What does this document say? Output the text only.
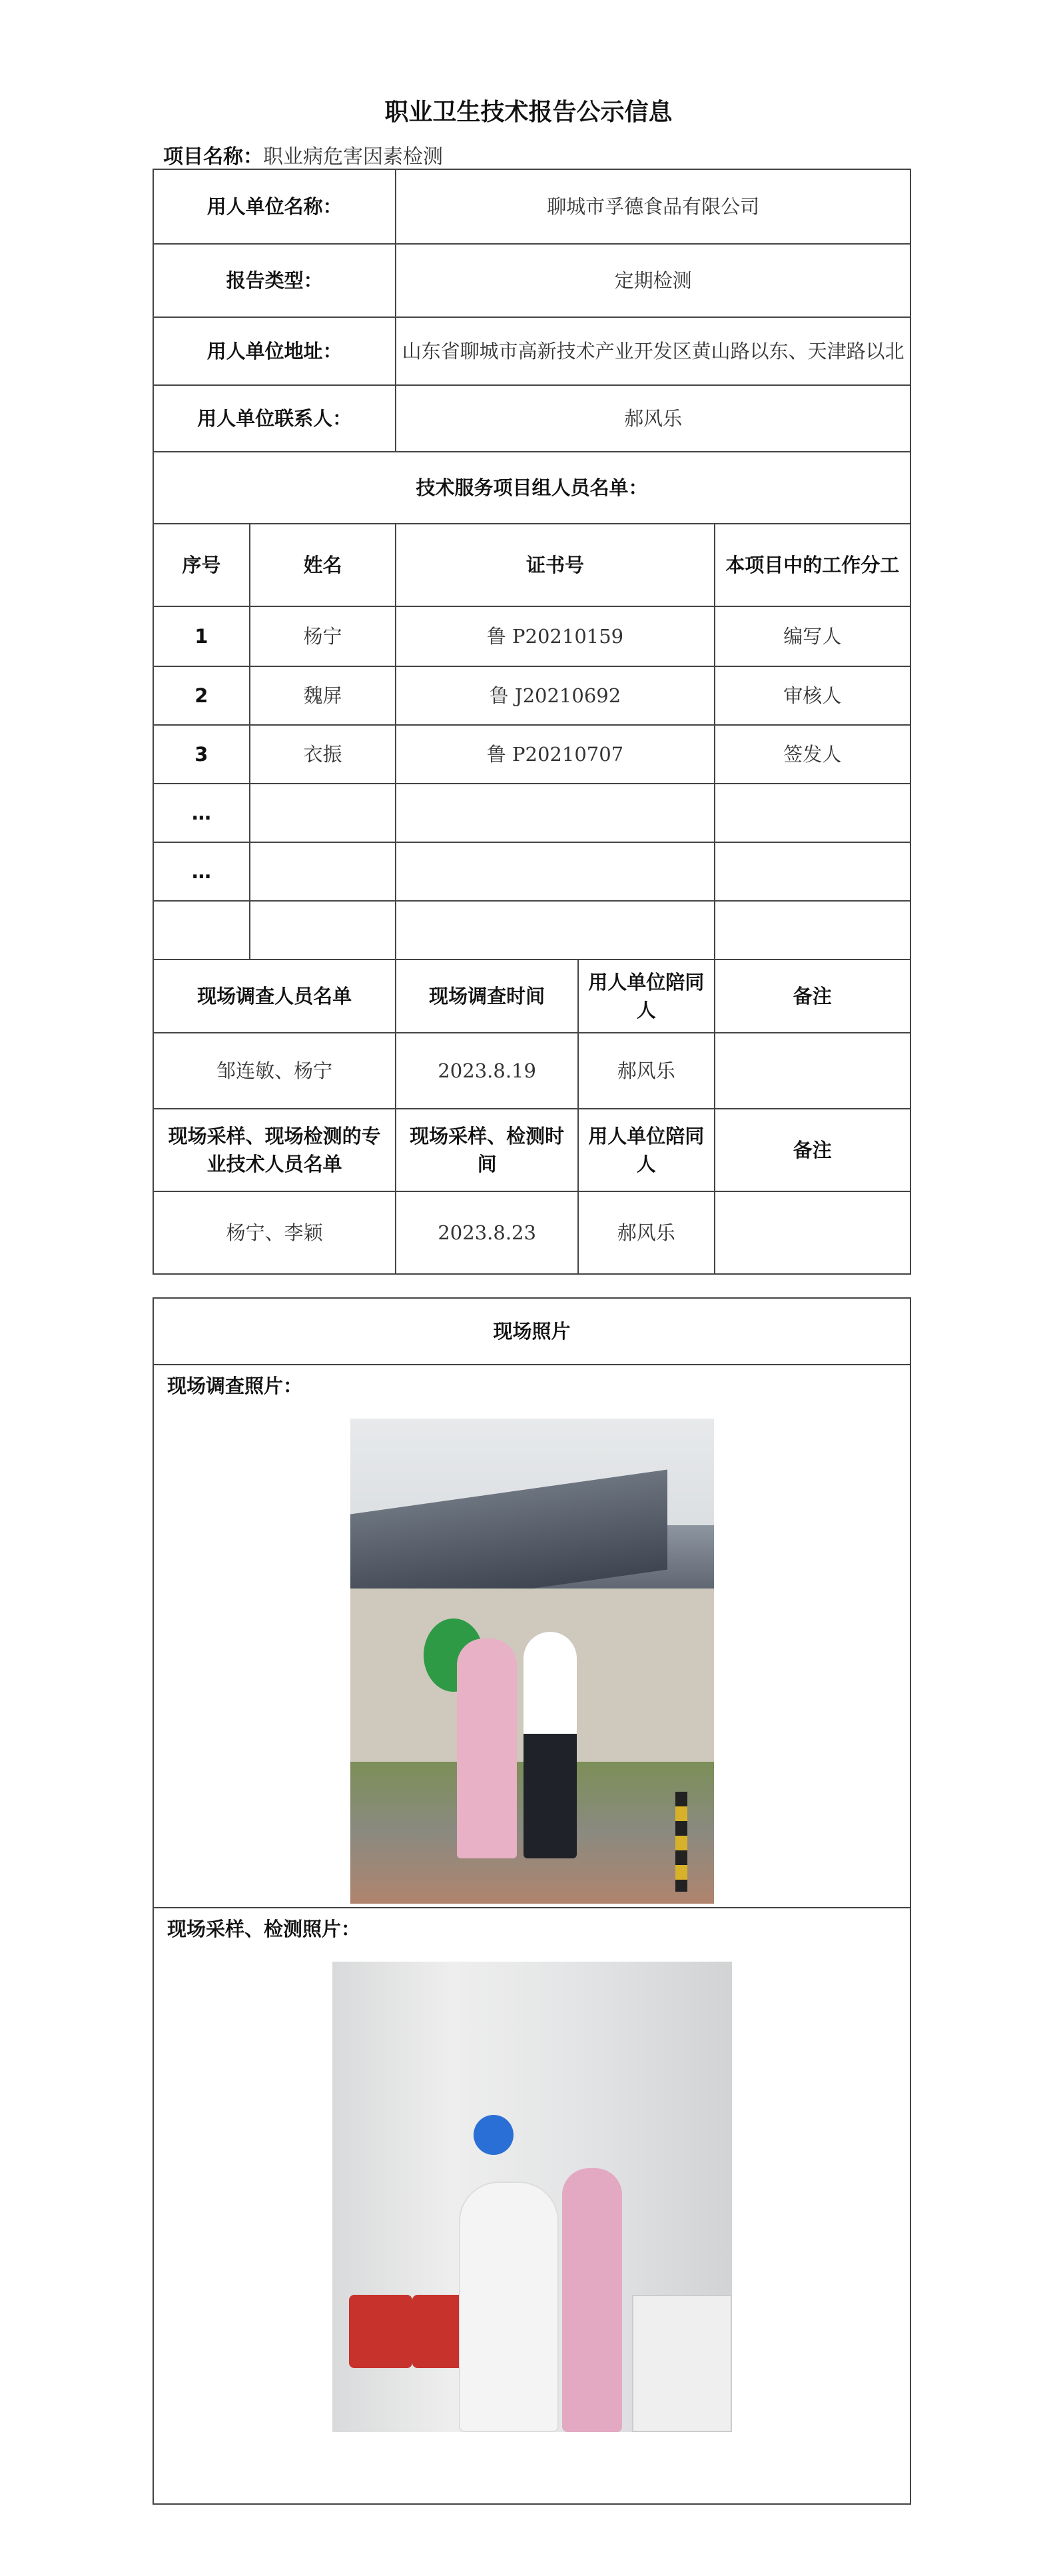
职业卫生技术报告公示信息
项目名称：职业病危害因素检测
用人单位名称：		聊城市孚德食品有限公司		
报告类型：		定期检测		
用人单位地址：		山东省聊城市高新技术产业开发区黄山路以东、天津路以北		
用人单位联系人：		郝风乐		
技术服务项目组人员名单：				
序号	姓名	证书号		本项目中的工作分工
1	杨宁	鲁 P20210159		编写人
2	魏屏	鲁 J20210692		审核人
3	衣振	鲁 P20210707		签发人
…				
…				

现场调查人员名单		现场调查时间	用人单位陪同人	备注
邹连敏、杨宁		2023.8.19	郝风乐	
现场采样、现场检测的专业技术人员名单		现场采样、检测时间	用人单位陪同人	备注
杨宁、李颖		2023.8.23	郝风乐	
现场照片

现场调查照片：

现场采样、检测照片：
